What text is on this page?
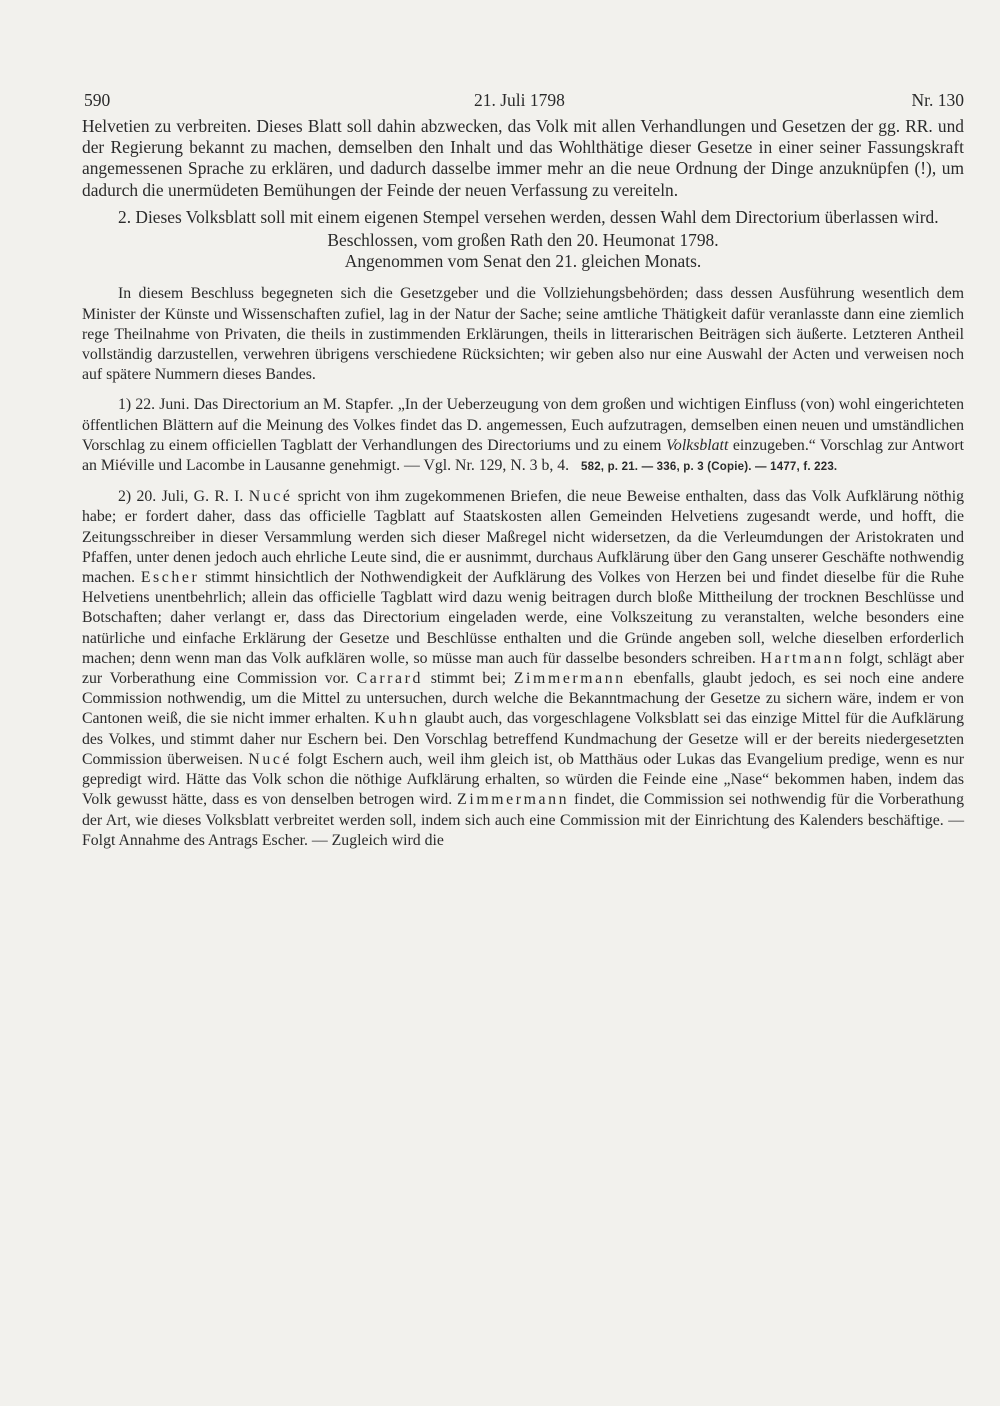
590	21. Juli 1798	Nr. 130

Helvetien zu verbreiten. Dieses Blatt soll dahin abzwecken, das Volk mit allen Verhandlungen und Gesetzen der gg. RR. und der Regierung bekannt zu machen, demselben den Inhalt und das Wohlthätige dieser Gesetze in einer seiner Fassungskraft angemessenen Sprache zu erklären, und dadurch dasselbe immer mehr an die neue Ordnung der Dinge anzuknüpfen (!), um dadurch die unermüdeten Bemühungen der Feinde der neuen Verfassung zu vereiteln.

2. Dieses Volksblatt soll mit einem eigenen Stempel versehen werden, dessen Wahl dem Directorium überlassen wird.

Beschlossen, vom großen Rath den 20. Heumonat 1798.
Angenommen vom Senat den 21. gleichen Monats.

In diesem Beschluss begegneten sich die Gesetzgeber und die Vollziehungsbehörden; dass dessen Ausführung wesentlich dem Minister der Künste und Wissenschaften zufiel, lag in der Natur der Sache; seine amtliche Thätigkeit dafür veranlasste dann eine ziemlich rege Theilnahme von Privaten, die theils in zustimmenden Erklärungen, theils in litterarischen Beiträgen sich äußerte. Letzteren Antheil vollständig darzustellen, verwehren übrigens verschiedene Rücksichten; wir geben also nur eine Auswahl der Acten und verweisen noch auf spätere Nummern dieses Bandes.

1) 22. Juni. Das Directorium an M. Stapfer. „In der Ueberzeugung von dem großen und wichtigen Einfluss (von) wohl eingerichteten öffentlichen Blättern auf die Meinung des Volkes findet das D. angemessen, Euch aufzutragen, demselben einen neuen und umständlichen Vorschlag zu einem officiellen Tagblatt der Verhandlungen des Directoriums und zu einem Volksblatt einzugeben.“ Vorschlag zur Antwort an Miéville und Lacombe in Lausanne genehmigt. — Vgl. Nr. 129, N. 3 b, 4. 582, p. 21. — 336, p. 3 (Copie). — 1477, f. 223.

2) 20. Juli, G. R. I. Nucé spricht von ihm zugekommenen Briefen, die neue Beweise enthalten, dass das Volk Aufklärung nöthig habe; er fordert daher, dass das officielle Tagblatt auf Staatskosten allen Gemeinden Helvetiens zugesandt werde, und hofft, die Zeitungsschreiber in dieser Versammlung werden sich dieser Maßregel nicht widersetzen, da die Verleumdungen der Aristokraten und Pfaffen, unter denen jedoch auch ehrliche Leute sind, die er ausnimmt, durchaus Aufklärung über den Gang unserer Geschäfte nothwendig machen. Escher stimmt hinsichtlich der Nothwendigkeit der Aufklärung des Volkes von Herzen bei und findet dieselbe für die Ruhe Helvetiens unentbehrlich; allein das officielle Tagblatt wird dazu wenig beitragen durch bloße Mittheilung der trocknen Beschlüsse und Botschaften; daher verlangt er, dass das Directorium eingeladen werde, eine Volkszeitung zu veranstalten, welche besonders eine natürliche und einfache Erklärung der Gesetze und Beschlüsse enthalten und die Gründe angeben soll, welche dieselben erforderlich machen; denn wenn man das Volk aufklären wolle, so müsse man auch für dasselbe besonders schreiben. Hartmann folgt, schlägt aber zur Vorberathung eine Commission vor. Carrard stimmt bei; Zimmermann ebenfalls, glaubt jedoch, es sei noch eine andere Commission nothwendig, um die Mittel zu untersuchen, durch welche die Bekanntmachung der Gesetze zu sichern wäre, indem er von Cantonen weiß, die sie nicht immer erhalten. Kuhn glaubt auch, das vorgeschlagene Volksblatt sei das einzige Mittel für die Aufklärung des Volkes, und stimmt daher nur Eschern bei. Den Vorschlag betreffend Kundmachung der Gesetze will er der bereits niedergesetzten Commission überweisen. Nucé folgt Eschern auch, weil ihm gleich ist, ob Matthäus oder Lukas das Evangelium predige, wenn es nur gepredigt wird. Hätte das Volk schon die nöthige Aufklärung erhalten, so würden die Feinde eine „Nase“ bekommen haben, indem das Volk gewusst hätte, dass es von denselben betrogen wird. Zimmermann findet, die Commission sei nothwendig für die Vorberathung der Art, wie dieses Volksblatt verbreitet werden soll, indem sich auch eine Commission mit der Einrichtung des Kalenders beschäftige. — Folgt Annahme des Antrags Escher. — Zugleich wird die
